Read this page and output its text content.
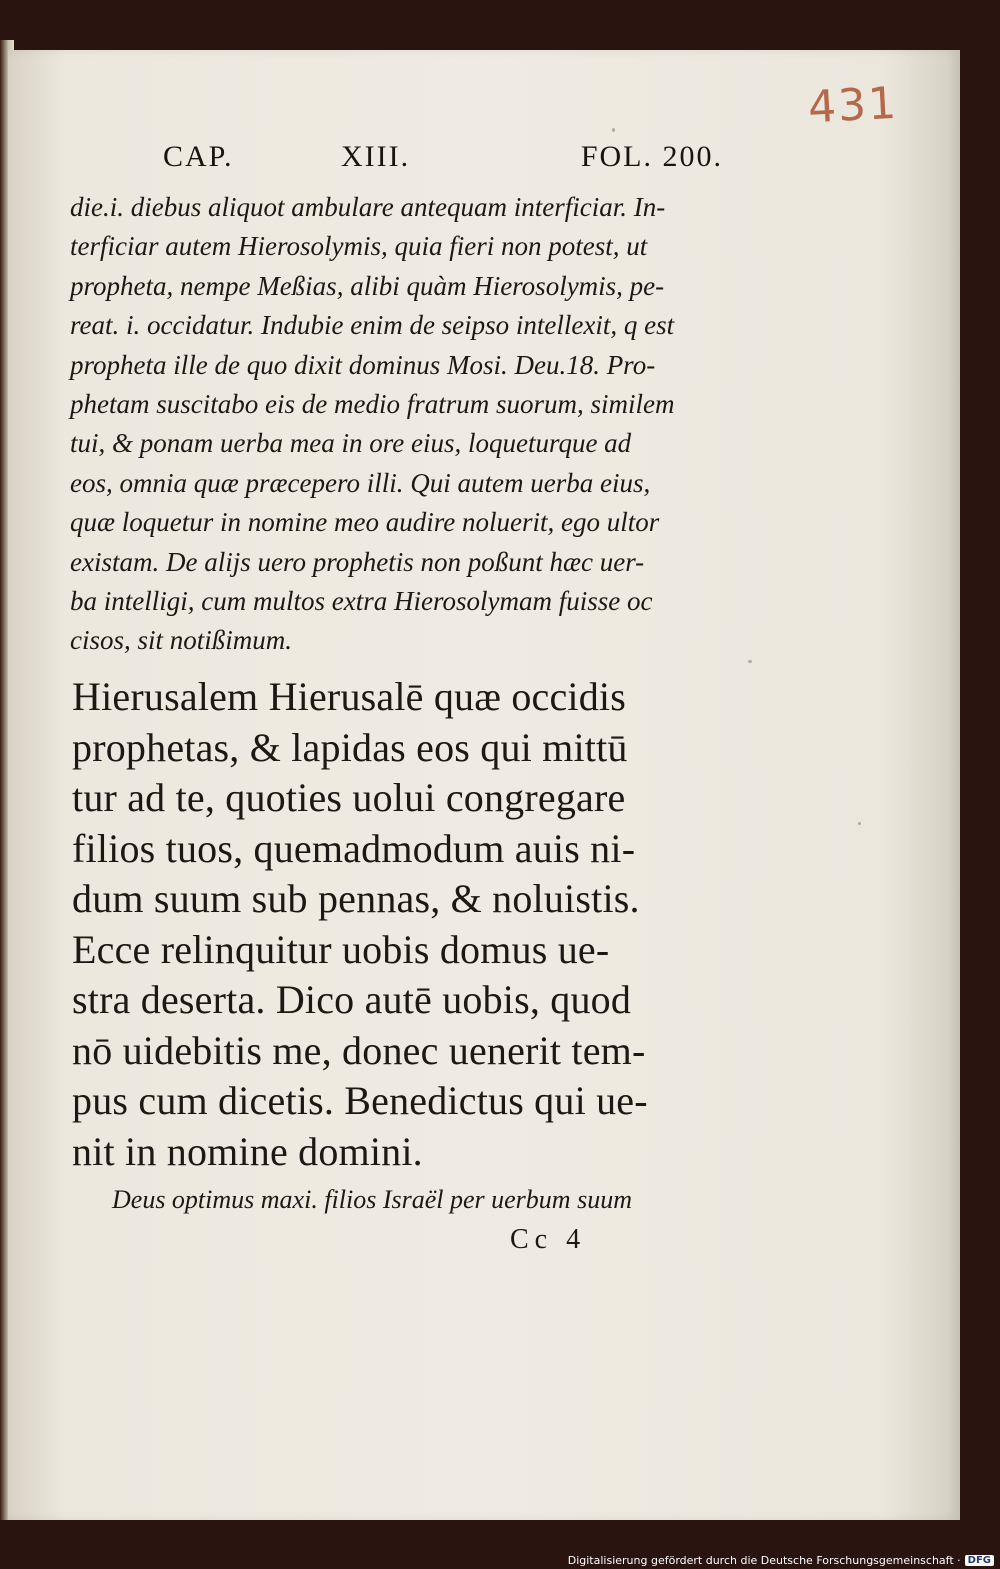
431
CAP.	XIII.	FOL. 200.
die.i. diebus aliquot ambulare antequam interficiar. In-
terficiar autem Hierosolymis, quia fieri non potest, ut
propheta, nempe Meßias, alibi quàm Hierosolymis, pe-
reat. i. occidatur. Indubie enim de seipso intellexit, q est
propheta ille de quo dixit dominus Mosi. Deu.18. Pro-
phetam suscitabo eis de medio fratrum suorum, similem
tui, & ponam uerba mea in ore eius, loqueturque ad
eos, omnia quæ præcepero illi. Qui autem uerba eius,
quæ loquetur in nomine meo audire noluerit, ego ultor
existam. De alijs uero prophetis non poßunt hæc uer-
ba intelligi, cum multos extra Hierosolymam fuisse oc
cisos, sit notißimum.
Hierusalem Hierusalē quæ occidis
prophetas, & lapidas eos qui mittū
tur ad te, quoties uolui congregare
filios tuos, quemadmodum auis ni-
dum suum sub pennas, & noluistis.
Ecce relinquitur uobis domus ue-
stra deserta. Dico autē uobis, quod
nō uidebitis me, donec uenerit tem-
pus cum dicetis. Benedictus qui ue-
nit in nomine domini.
Deus optimus maxi. filios Israël per uerbum suum
Cc 4
Digitalisierung gefördert durch die Deutsche Forschungsgemeinschaft · DFG
